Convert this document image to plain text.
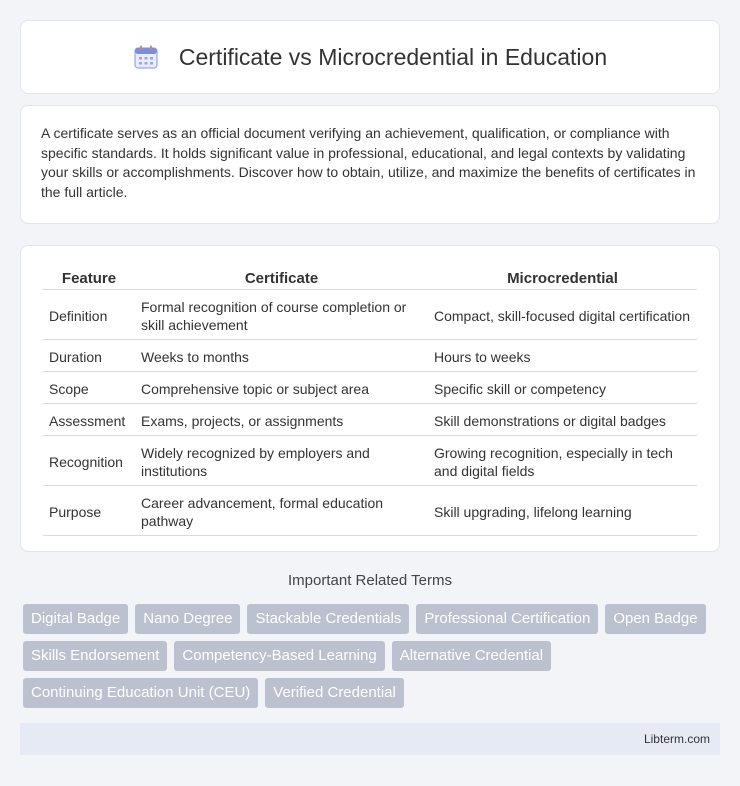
Certificate vs Microcredential in Education

A certificate serves as an official document verifying an achievement, qualification, or compliance with specific standards. It holds significant value in professional, educational, and legal contexts by validating your skills or accomplishments. Discover how to obtain, utilize, and maximize the benefits of certificates in the full article.

Feature	Certificate	Microcredential
Definition	Formal recognition of course completion or skill achievement	Compact, skill-focused digital certification
Duration	Weeks to months	Hours to weeks
Scope	Comprehensive topic or subject area	Specific skill or competency
Assessment	Exams, projects, or assignments	Skill demonstrations or digital badges
Recognition	Widely recognized by employers and institutions	Growing recognition, especially in tech and digital fields
Purpose	Career advancement, formal education pathway	Skill upgrading, lifelong learning
Important Related Terms
Digital Badge	Nano Degree	Stackable Credentials	Professional Certification	Open Badge
Skills Endorsement	Competency-Based Learning	Alternative Credential
Continuing Education Unit (CEU)	Verified Credential
Libterm.com
